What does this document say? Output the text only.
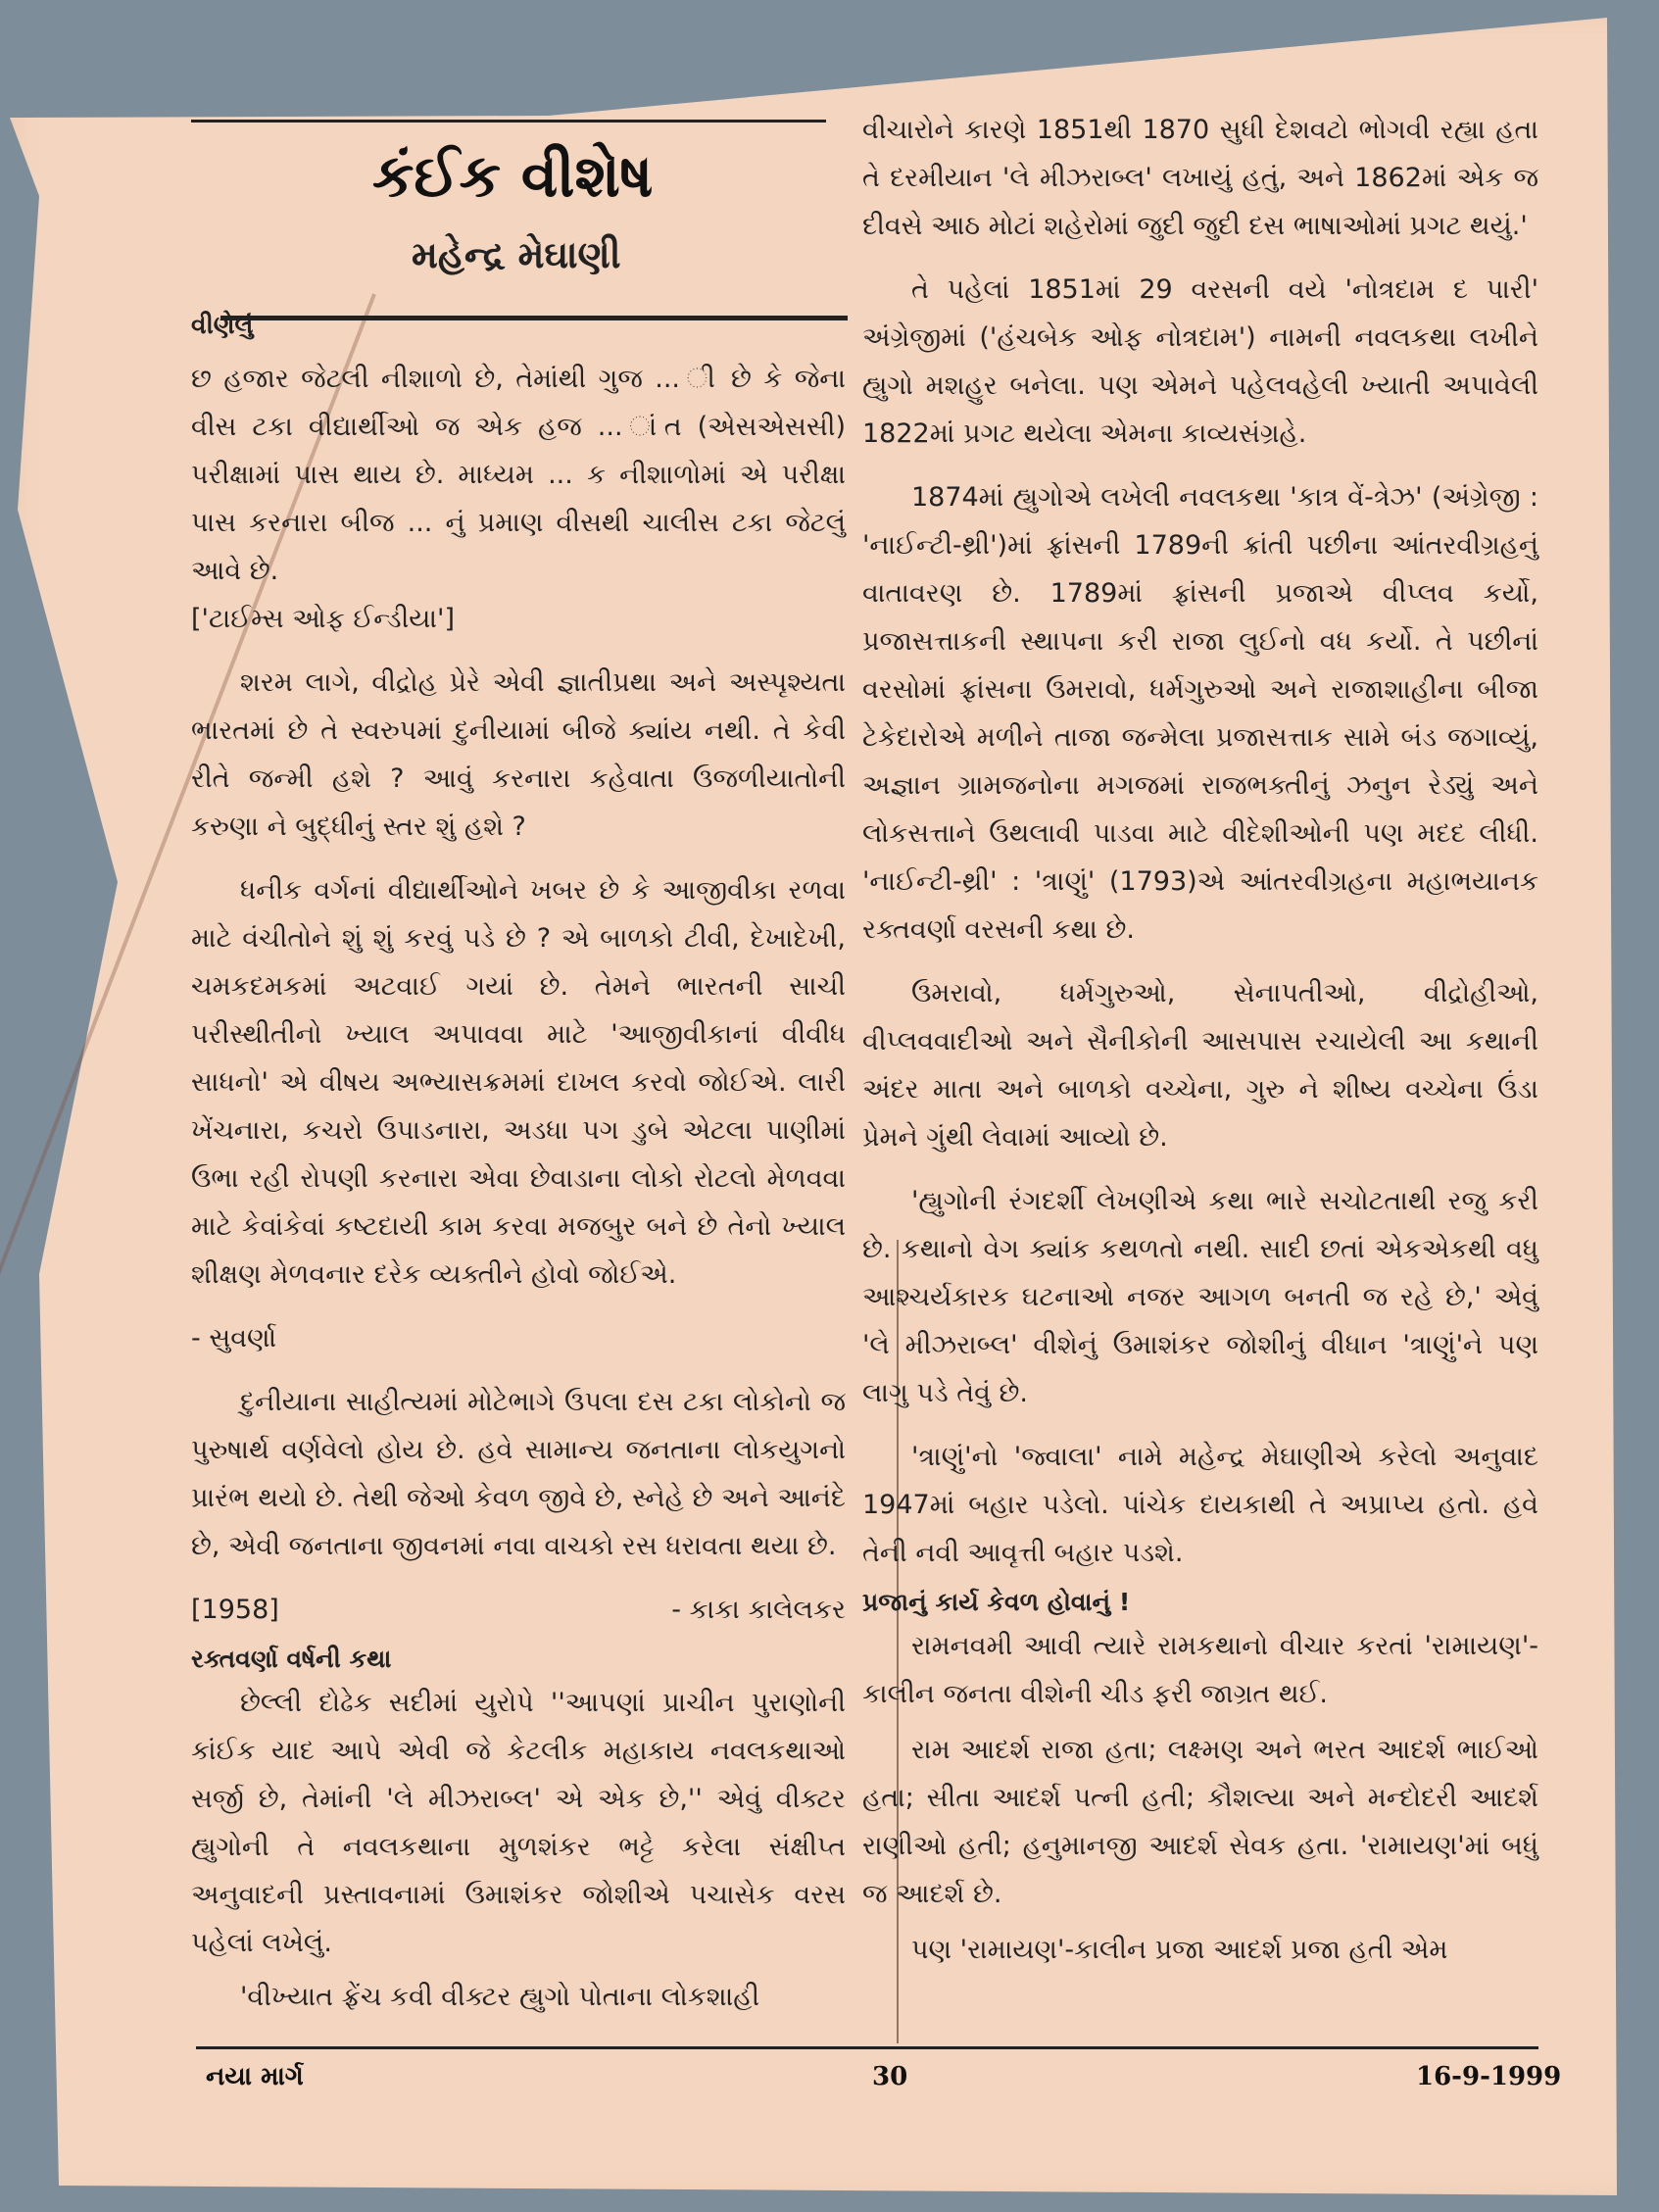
કંઈક વીશેષ
મહેન્દ્ર મેઘાણી

વીણેલું

છ હજાર જેટલી નીશાળો છે, તેમાંથી ગુજ ... ી છે કે જેના વીસ ટકા વીદ્યાર્થીઓ જ એક હજ ... ાંત (એસએસસી) પરીક્ષામાં પાસ થાય છે. માધ્યમ ... ક નીશાળોમાં એ પરીક્ષા પાસ કરનારા બીજ ... નું પ્રમાણ વીસથી ચાલીસ ટકા જેટલું આવે છે.

['ટાઈમ્સ ઓફ ઈન્ડીયા']

શરમ લાગે, વીદ્રોહ પ્રેરે એવી જ્ઞાતીપ્રથા અને અસ્પૃશ્યતા ભારતમાં છે તે સ્વરુપમાં દુનીયામાં બીજે ક્યાંય નથી. તે કેવી રીતે જન્મી હશે ? આવું કરનારા કહેવાતા ઉજળીયાતોની કરુણા ને બુદ્ધીનું સ્તર શું હશે ?

ધનીક વર્ગનાં વીદ્યાર્થીઓને ખબર છે કે આજીવીકા રળવા માટે વંચીતોને શું શું કરવું પડે છે ? એ બાળકો ટીવી, દેખાદેખી, ચમકદમકમાં અટવાઈ ગયાં છે. તેમને ભારતની સાચી પરીસ્થીતીનો ખ્યાલ અપાવવા માટે 'આજીવીકાનાં વીવીધ સાધનો' એ વીષય અભ્યાસક્રમમાં દાખલ કરવો જોઈએ. લારી ખેંચનારા, કચરો ઉપાડનારા, અડધા પગ ડુબે એટલા પાણીમાં ઉભા રહી રોપણી કરનારા એવા છેવાડાના લોકો રોટલો મેળવવા માટે કેવાંકેવાં કષ્ટદાયી કામ કરવા મજબુર બને છે તેનો ખ્યાલ શીક્ષણ મેળવનાર દરેક વ્યક્તીને હોવો જોઈએ.

- સુવર્ણા

દુનીયાના સાહીત્યમાં મોટેભાગે ઉપલા દસ ટકા લોકોનો જ પુરુષાર્થ વર્ણવેલો હોય છે. હવે સામાન્ય જનતાના લોકયુગનો પ્રારંભ થયો છે. તેથી જેઓ કેવળ જીવે છે, સ્નેહે છે અને આનંદે છે, એવી જનતાના જીવનમાં નવા વાચકો રસ ધરાવતા થયા છે.

[1958]	- કાકા કાલેલકર

રક્તવર્ણા વર્ષની કથા

છેલ્લી દોઢેક સદીમાં યુરોપે ''આપણાં પ્રાચીન પુરાણોની કાંઈક યાદ આપે એવી જે કેટલીક મહાકાય નવલકથાઓ સર્જી છે, તેમાંની 'લે મીઝરાબ્લ' એ એક છે,'' એવું વીક્ટર હ્યુગોની તે નવલકથાના મુળશંકર ભટ્ટે કરેલા સંક્ષીપ્ત અનુવાદની પ્રસ્તાવનામાં ઉમાશંકર જોશીએ પચાસેક વરસ પહેલાં લખેલું.

'વીખ્યાત ફ્રેંચ કવી વીક્ટર હ્યુગો પોતાના લોકશાહી

વીચારોને કારણે 1851થી 1870 સુધી દેશવટો ભોગવી રહ્યા હતા તે દરમીયાન 'લે મીઝરાબ્લ' લખાયું હતું, અને 1862માં એક જ દીવસે આઠ મોટાં શહેરોમાં જુદી જુદી દસ ભાષાઓમાં પ્રગટ થયું.'

તે પહેલાં 1851માં 29 વરસની વયે 'નોત્રદામ દ પારી' અંગ્રેજીમાં ('હંચબેક ઓફ નોત્રદામ') નામની નવલકથા લખીને હ્યુગો મશહુર બનેલા. પણ એમને પહેલવહેલી ખ્યાતી અપાવેલી 1822માં પ્રગટ થયેલા એમના કાવ્યસંગ્રહે.

1874માં હ્યુગોએ લખેલી નવલકથા 'કાત્ર વેં-ત્રેઝ' (અંગ્રેજી : 'નાઈન્ટી-થ્રી')માં ફ્રાંસની 1789ની ક્રાંતી પછીના આંતરવીગ્રહનું વાતાવરણ છે. 1789માં ફ્રાંસની પ્રજાએ વીપ્લવ કર્યો, પ્રજાસત્તાકની સ્થાપના કરી રાજા લુઈનો વધ કર્યો. તે પછીનાં વરસોમાં ફ્રાંસના ઉમરાવો, ધર્મગુરુઓ અને રાજાશાહીના બીજા ટેકેદારોએ મળીને તાજા જન્મેલા પ્રજાસત્તાક સામે બંડ જગાવ્યું, અજ્ઞાન ગ્રામજનોના મગજમાં રાજભક્તીનું ઝનુન રેડ્યું અને લોકસત્તાને ઉથલાવી પાડવા માટે વીદેશીઓની પણ મદદ લીધી. 'નાઈન્ટી-થ્રી' : 'ત્રાણું' (1793)એ આંતરવીગ્રહના મહાભયાનક રક્તવર્ણા વરસની કથા છે.

ઉમરાવો, ધર્મગુરુઓ, સેનાપતીઓ, વીદ્રોહીઓ, વીપ્લવવાદીઓ અને સૈનીકોની આસપાસ રચાયેલી આ કથાની અંદર માતા અને બાળકો વચ્ચેના, ગુરુ ને શીષ્ય વચ્ચેના ઉંડા પ્રેમને ગુંથી લેવામાં આવ્યો છે.

'હ્યુગોની રંગદર્શી લેખણીએ કથા ભારે સચોટતાથી રજુ કરી છે. કથાનો વેગ ક્યાંક કથળતો નથી. સાદી છતાં એકએકથી વધુ આશ્ચર્યકારક ઘટનાઓ નજર આગળ બનતી જ રહે છે,' એવું 'લે મીઝરાબ્લ' વીશેનું ઉમાશંકર જોશીનું વીધાન 'ત્રાણું'ને પણ લાગુ પડે તેવું છે.

'ત્રાણું'નો 'જ્વાલા' નામે મહેન્દ્ર મેઘાણીએ કરેલો અનુવાદ 1947માં બહાર પડેલો. પાંચેક દાયકાથી તે અપ્રાપ્ય હતો. હવે તેની નવી આવૃત્તી બહાર પડશે.

પ્રજાનું કાર્ય કેવળ હોવાનું !

રામનવમી આવી ત્યારે રામકથાનો વીચાર કરતાં 'રામાયણ'-કાલીન જનતા વીશેની ચીડ ફરી જાગ્રત થઈ.

રામ આદર્શ રાજા હતા; લક્ષ્મણ અને ભરત આદર્શ ભાઈઓ હતા; સીતા આદર્શ પત્ની હતી; કૌશલ્યા અને મન્દોદરી આદર્શ રાણીઓ હતી; હનુમાનજી આદર્શ સેવક હતા. 'રામાયણ'માં બધું જ આદર્શ છે.

પણ 'રામાયણ'-કાલીન પ્રજા આદર્શ પ્રજા હતી એમ

નયા માર્ગ	30	16-9-1999
